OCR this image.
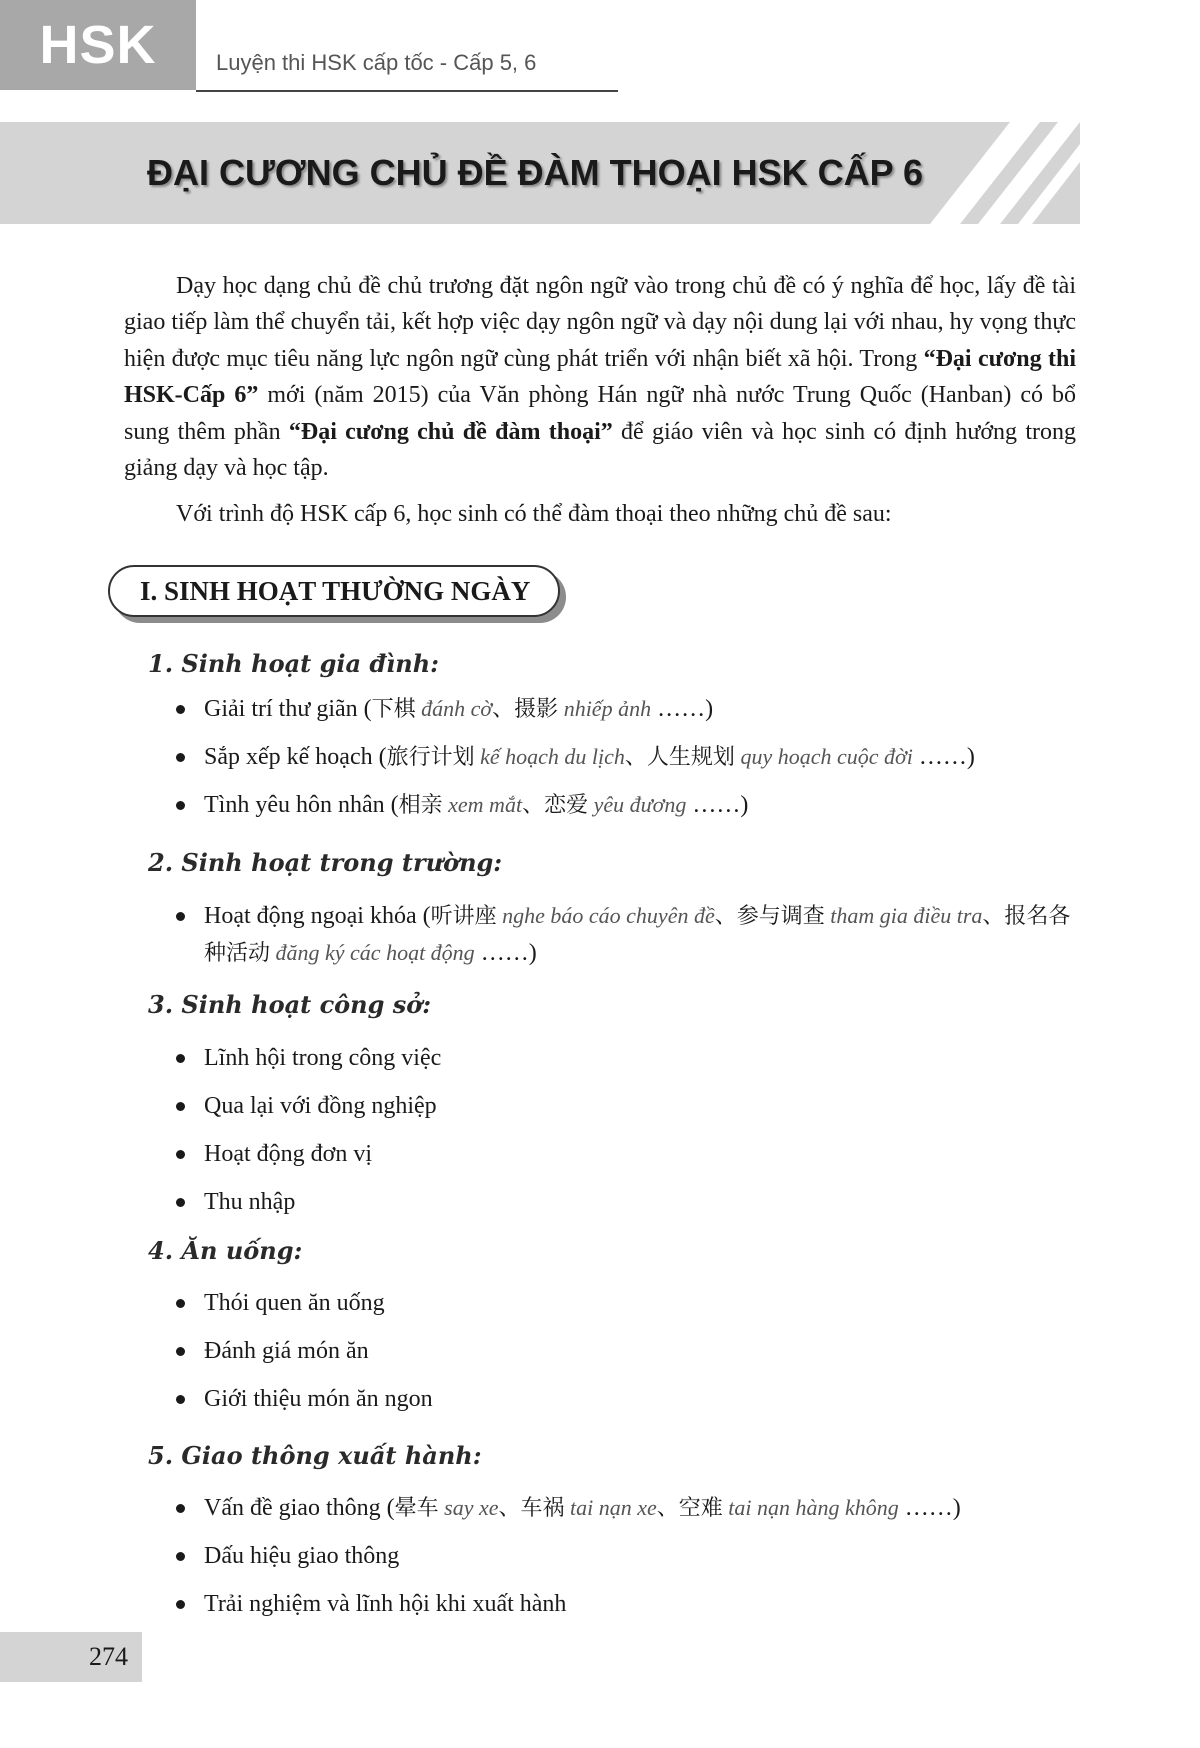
HSK	Luyện thi HSK cấp tốc - Cấp 5, 6
ĐẠI CƯƠNG CHỦ ĐỀ ĐÀM THOẠI HSK CẤP 6

Dạy học dạng chủ đề chủ trương đặt ngôn ngữ vào trong chủ đề có ý nghĩa để học, lấy đề tài giao tiếp làm thể chuyển tải, kết hợp việc dạy ngôn ngữ và dạy nội dung lại với nhau, hy vọng thực hiện được mục tiêu năng lực ngôn ngữ cùng phát triển với nhận biết xã hội. Trong “Đại cương thi HSK-Cấp 6” mới (năm 2015) của Văn phòng Hán ngữ nhà nước Trung Quốc (Hanban) có bổ sung thêm phần “Đại cương chủ đề đàm thoại” để giáo viên và học sinh có định hướng trong giảng dạy và học tập.

Với trình độ HSK cấp 6, học sinh có thể đàm thoại theo những chủ đề sau:

I. SINH HOẠT THƯỜNG NGÀY
1. Sinh hoạt gia đình:
Giải trí thư giãn (下棋 đánh cờ、摄影 nhiếp ảnh ……)
Sắp xếp kế hoạch (旅行计划 kế hoạch du lịch、人生规划 quy hoạch cuộc đời ……)
Tình yêu hôn nhân (相亲 xem mắt、恋爱 yêu đương ……)
2. Sinh hoạt trong trường:
Hoạt động ngoại khóa (听讲座 nghe báo cáo chuyên đề、参与调查 tham gia điều tra、报名各种活动 đăng ký các hoạt động ……)
3. Sinh hoạt công sở:
Lĩnh hội trong công việc
Qua lại với đồng nghiệp
Hoạt động đơn vị
Thu nhập
4. Ăn uống:
Thói quen ăn uống
Đánh giá món ăn
Giới thiệu món ăn ngon
5. Giao thông xuất hành:
Vấn đề giao thông (晕车 say xe、车祸 tai nạn xe、空难 tai nạn hàng không ……)
Dấu hiệu giao thông
Trải nghiệm và lĩnh hội khi xuất hành
274
